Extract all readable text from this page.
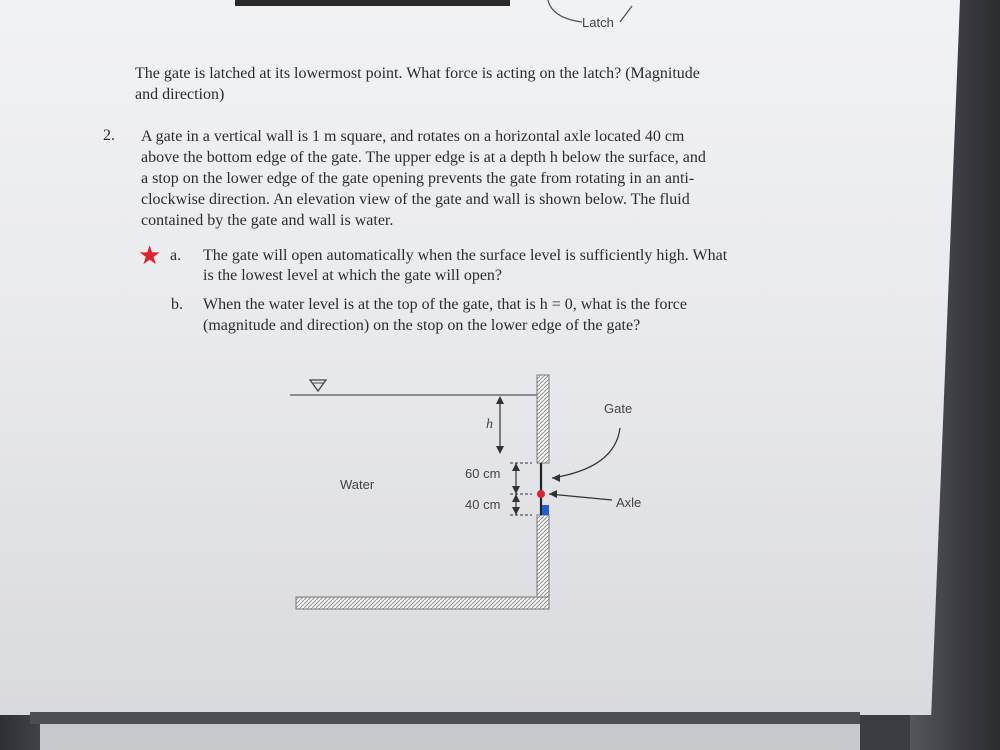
Latch
The gate is latched at its lowermost point. What force is acting on the latch? (Magnitude
and direction)
2. A gate in a vertical wall is 1 m square, and rotates on a horizontal axle located 40 cm
above the bottom edge of the gate. The upper edge is at a depth h below the surface, and
a stop on the lower edge of the gate opening prevents the gate from rotating in an anti-
clockwise direction. An elevation view of the gate and wall is shown below. The fluid
contained by the gate and wall is water.
★ a. The gate will open automatically when the surface level is sufficiently high. What
is the lowest level at which the gate will open?
b. When the water level is at the top of the gate, that is h = 0, what is the force
(magnitude and direction) on the stop on the lower edge of the gate?
h
Water
60 cm
40 cm
Gate
Axle
